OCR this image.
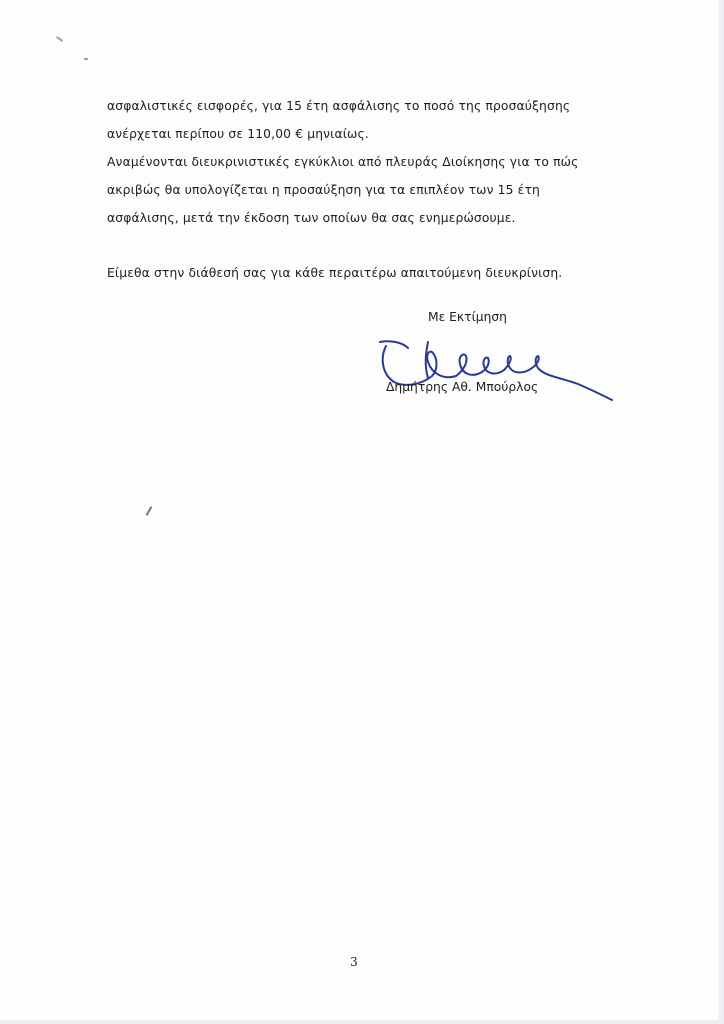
ασφαλιστικές εισφορές, για 15 έτη ασφάλισης το ποσό της προσαύξησης
ανέρχεται περίπου σε 110,00 € μηνιαίως.

Αναμένονται διευκρινιστικές εγκύκλιοι από πλευράς Διοίκησης για το πώς
ακριβώς θα υπολογίζεται η προσαύξηση για τα επιπλέον των 15 έτη
ασφάλισης, μετά την έκδοση των οποίων θα σας ενημερώσουμε.

Είμεθα στην διάθεσή σας για κάθε περαιτέρω απαιτούμενη διευκρίνιση.

Με Εκτίμηση
Δημήτρης Αθ. Μπούρλος
3
